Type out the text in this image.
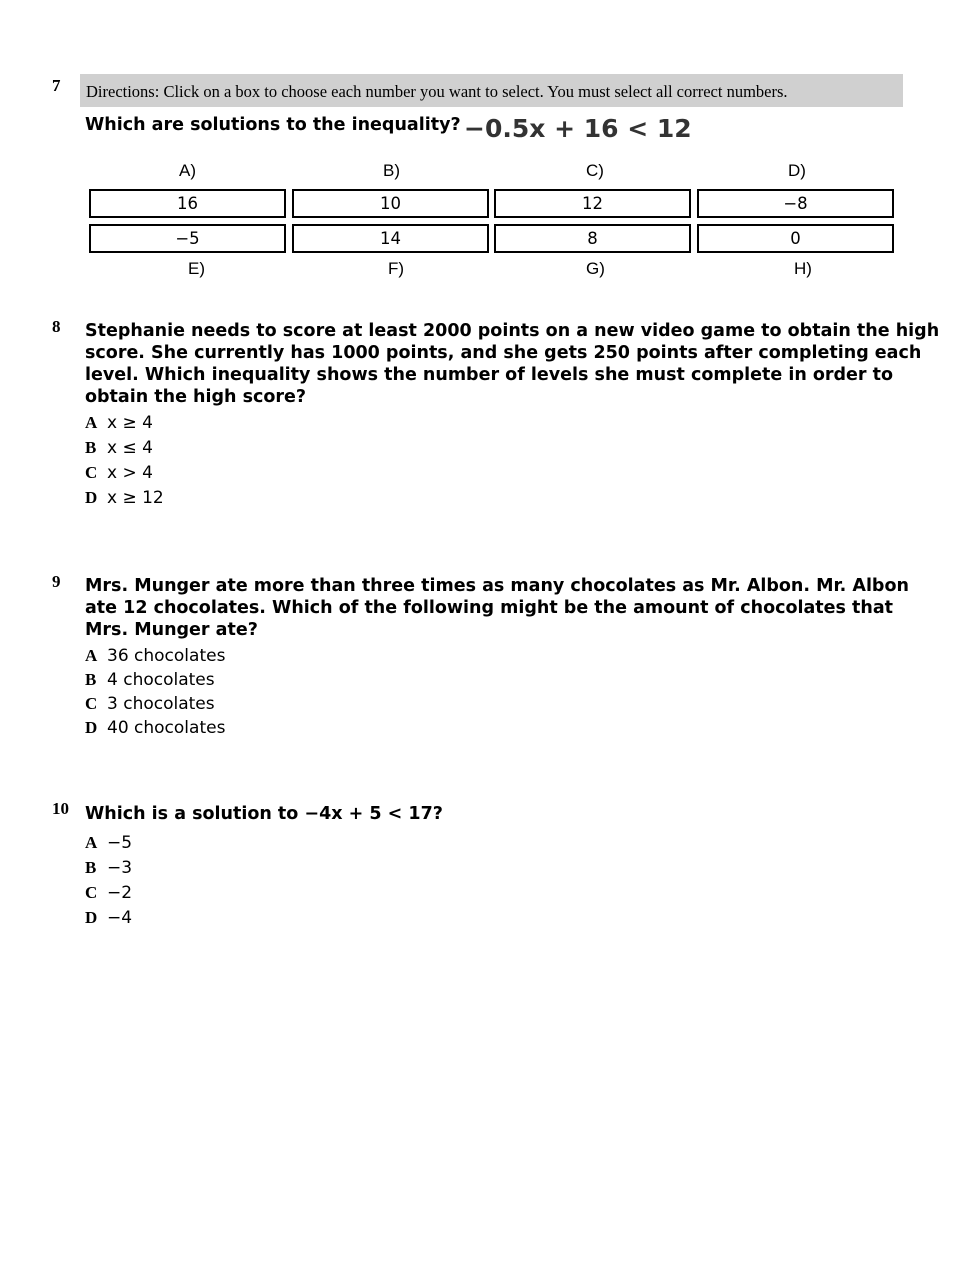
7	Directions: Click on a box to choose each number you want to select. You must select all correct numbers.
Which are solutions to the inequality? −0.5x + 16 < 12
A)	B)	C)	D)
16	10	12	−8
−5	14	8	0
E)	F)	G)	H)
8 Stephanie needs to score at least 2000 points on a new video game to obtain the high
score. She currently has 1000 points, and she gets 250 points after completing each
level. Which inequality shows the number of levels she must complete in order to
obtain the high score?
A x ≥ 4
B x ≤ 4
C x > 4
D x ≥ 12
9 Mrs. Munger ate more than three times as many chocolates as Mr. Albon. Mr. Albon
ate 12 chocolates. Which of the following might be the amount of chocolates that
Mrs. Munger ate?
A 36 chocolates
B 4 chocolates
C 3 chocolates
D 40 chocolates
10 Which is a solution to −4x + 5 < 17?
A −5
B −3
C −2
D −4
